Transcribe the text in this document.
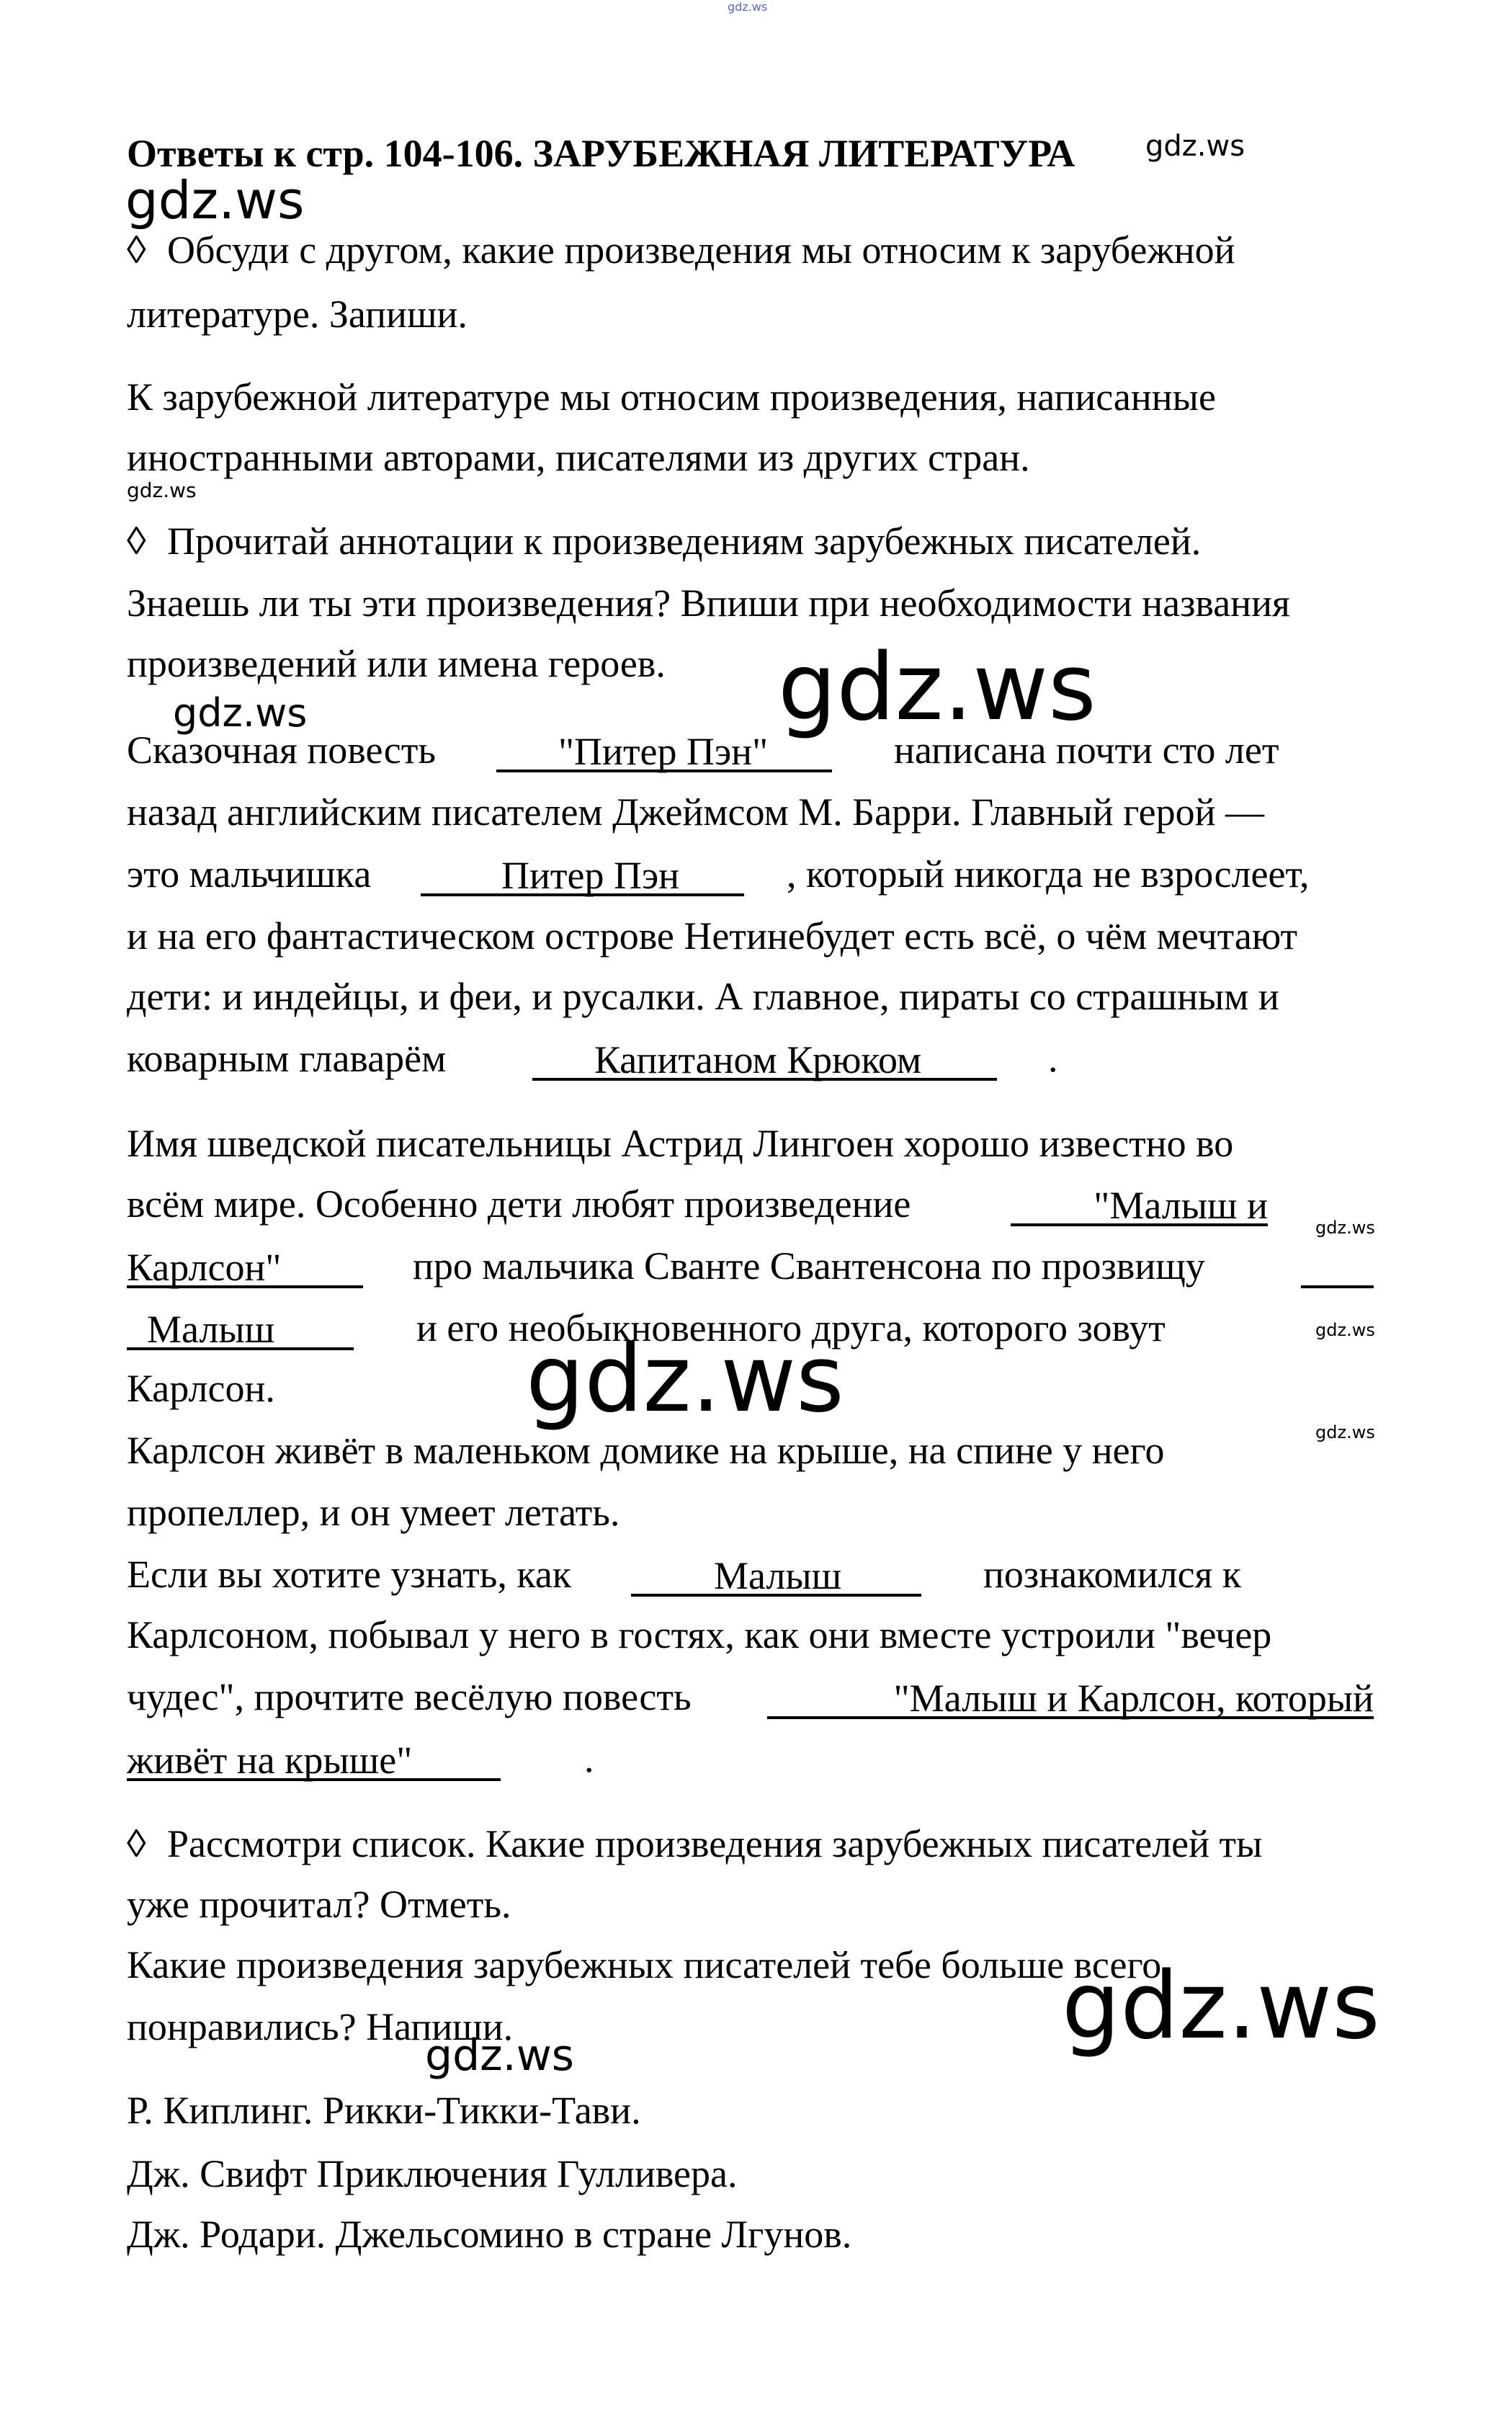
gdz.ws
gdz.ws
gdz.ws
gdz.ws
gdz.ws	gdz.ws
gdz.ws
gdz.ws
gdz.ws
gdz.ws
gdz.ws
gdz.ws
Ответы к стр. 104-106. ЗАРУБЕЖНАЯ ЛИТЕРАТУРА
◊ Обсуди с другом, какие произведения мы относим к зарубежной
литературе. Запиши.
К зарубежной литературе мы относим произведения, написанные
иностранными авторами, писателями из других стран.
◊ Прочитай аннотации к произведениям зарубежных писателей.
Знаешь ли ты эти произведения? Впиши при необходимости названия
произведений или имена героев.
Сказочная повесть	"Питер Пэн"	написана почти сто лет
назад английским писателем Джеймсом М. Барри. Главный герой —
это мальчишка	Питер Пэн	, который никогда не взрослеет,
и на его фантастическом острове Нетинебудет есть всё, о чём мечтают
дети: и индейцы, и феи, и русалки. А главное, пираты со страшным и
коварным главарём	Капитаном Крюком	.
Имя шведской писательницы Астрид Лингоен хорошо известно во
всём мире. Особенно дети любят произведение	"Малыш и
Карлсон"	про мальчика Сванте Свантенсона по прозвищу
Малыш	и его необыкновенного друга, которого зовут
Карлсон.
Карлсон живёт в маленьком домике на крыше, на спине у него
пропеллер, и он умеет летать.
Если вы хотите узнать, как	Малыш	познакомился к
Карлсоном, побывал у него в гостях, как они вместе устроили "вечер
чудес", прочтите весёлую повесть	"Малыш и Карлсон, который
живёт на крыше"	.
◊ Рассмотри список. Какие произведения зарубежных писателей ты
уже прочитал? Отметь.
Какие произведения зарубежных писателей тебе больше всего
понравились? Напиши.
Р. Киплинг. Рикки-Тикки-Тави.
Дж. Свифт Приключения Гулливера.
Дж. Родари. Джельсомино в стране Лгунов.
